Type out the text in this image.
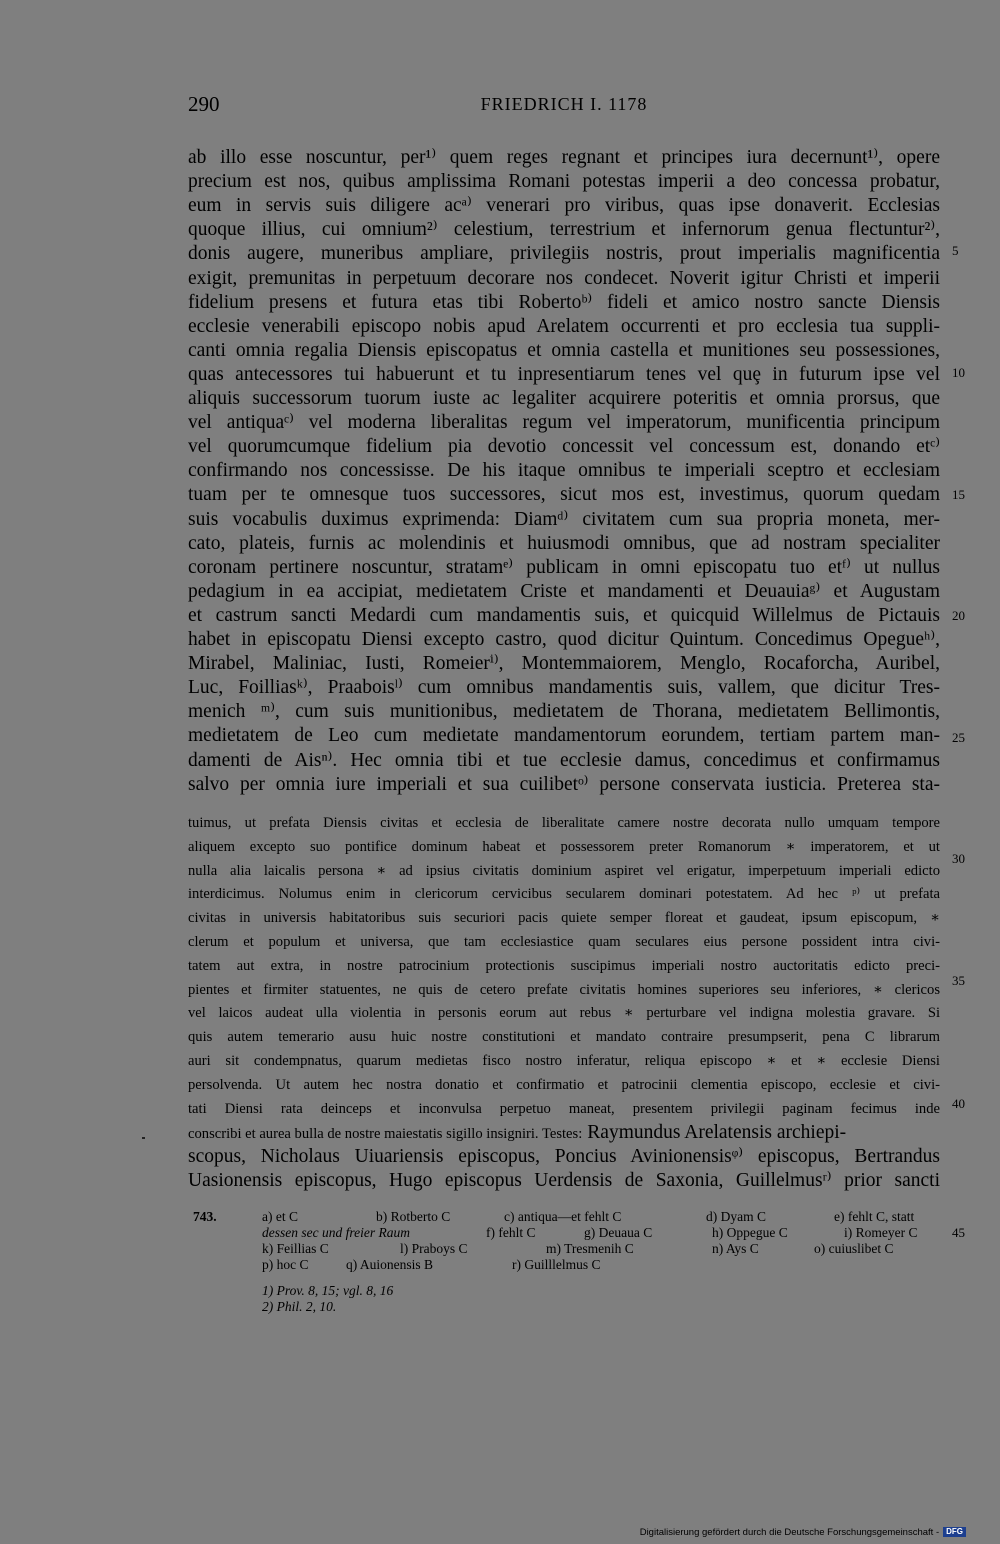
290	FRIEDRICH I. 1178
ab illo esse noscuntur, per¹⁾ quem reges regnant et principes iura decernunt¹⁾, opere
precium est nos, quibus amplissima Romani potestas imperii a deo concessa probatur,
eum in servis suis diligere acᵃ⁾ venerari pro viribus, quas ipse donaverit. Ecclesias
quoque illius, cui omnium²⁾ celestium, terrestrium et infernorum genua flectuntur²⁾,
donis augere, muneribus ampliare, privilegiis nostris, prout imperialis magnificentia
exigit, premunitas in perpetuum decorare nos condecet. Noverit igitur Christi et imperii
fidelium presens et futura etas tibi Robertoᵇ⁾ fideli et amico nostro sancte Diensis
ecclesie venerabili episcopo nobis apud Arelatem occurrenti et pro ecclesia tua suppli-
canti omnia regalia Diensis episcopatus et omnia castella et munitiones seu possessiones,
quas antecessores tui habuerunt et tu inpresentiarum tenes vel quȩ in futurum ipse vel
aliquis successorum tuorum iuste ac legaliter acquirere poteritis et omnia prorsus, que
vel antiquaᶜ⁾ vel moderna liberalitas regum vel imperatorum, munificentia principum
vel quorumcumque fidelium pia devotio concessit vel concessum est, donando etᶜ⁾
confirmando nos concessisse. De his itaque omnibus te imperiali sceptro et ecclesiam
tuam per te omnesque tuos successores, sicut mos est, investimus, quorum quedam
suis vocabulis duximus exprimenda: Diamᵈ⁾ civitatem cum sua propria moneta, mer-
cato, plateis, furnis ac molendinis et huiusmodi omnibus, que ad nostram specialiter
coronam pertinere noscuntur, stratamᵉ⁾ publicam in omni episcopatu tuo etᶠ⁾ ut nullus
pedagium in ea accipiat, medietatem Criste et mandamenti et Deuauiaᵍ⁾ et Augustam
et castrum sancti Medardi cum mandamentis suis, et quicquid Willelmus de Pictauis
habet in episcopatu Diensi excepto castro, quod dicitur Quintum. Concedimus Opegueʰ⁾,
Mirabel, Maliniac, Iusti, Romeierⁱ⁾, Montemmaiorem, Menglo, Rocaforcha, Auribel,
Luc, Foilliasᵏ⁾, Praaboisˡ⁾ cum omnibus mandamentis suis, vallem, que dicitur Tres-
menich ᵐ⁾, cum suis munitionibus, medietatem de Thorana, medietatem Bellimontis,
medietatem de Leo cum medietate mandamentorum eorundem, tertiam partem man-
damenti de Aisⁿ⁾. Hec omnia tibi et tue ecclesie damus, concedimus et confirmamus
salvo per omnia iure imperiali et sua cuilibetᵒ⁾ persone conservata iusticia. Preterea sta-
tuimus, ut prefata Diensis civitas et ecclesia de liberalitate camere nostre decorata nullo umquam tempore
aliquem excepto suo pontifice dominum habeat et possessorem preter Romanorum ∗ imperatorem, et ut
nulla alia laicalis persona ∗ ad ipsius civitatis dominium aspiret vel erigatur, imperpetuum imperiali edicto
interdicimus. Nolumus enim in clericorum cervicibus secularem dominari potestatem. Ad hec ᵖ⁾ ut prefata
civitas in universis habitatoribus suis securiori pacis quiete semper floreat et gaudeat, ipsum episcopum, ∗
clerum et populum et universa, que tam ecclesiastice quam seculares eius persone possident intra civi-
tatem aut extra, in nostre patrocinium protectionis suscipimus imperiali nostro auctoritatis edicto preci-
pientes et firmiter statuentes, ne quis de cetero prefate civitatis homines superiores seu inferiores, ∗ clericos
vel laicos audeat ulla violentia in personis eorum aut rebus ∗ perturbare vel indigna molestia gravare. Si
quis autem temerario ausu huic nostre constitutioni et mandato contraire presumpserit, pena C librarum
auri sit condempnatus, quarum medietas fisco nostro inferatur, reliqua episcopo ∗ et ∗ ecclesie Diensi
persolvenda. Ut autem hec nostra donatio et confirmatio et patrocinii clementia episcopo, ecclesie et civi-
tati Diensi rata deinceps et inconvulsa perpetuo maneat, presentem privilegii paginam fecimus inde
conscribi et aurea bulla de nostre maiestatis sigillo insigniri. Testes: Raymundus Arelatensis archiepi-
scopus, Nicholaus Uiuariensis episcopus, Poncius Avinionensisᵠ⁾ episcopus, Bertrandus
Uasionensis episcopus, Hugo episcopus Uerdensis de Saxonia, Guillelmusʳ⁾ prior sancti
5
10
15
20
25
30
35
40
743.	a) et C	b) Rotberto C	c) antiqua—et fehlt C	d) Dyam C	e) fehlt C, statt
dessen sec und freier Raum	f) fehlt C	g) Deuaua C	h) Oppegue C	i) Romeyer C	45
k) Feillias C	l) Praboys C	m) Tresmenih C	n) Ays C	o) cuiuslibet C
p) hoc C	q) Auionensis B	r) Guilllelmus C
1) Prov. 8, 15; vgl. 8, 16
2) Phil. 2, 10.
Digitalisierung gefördert durch die Deutsche Forschungsgemeinschaft - DFG
